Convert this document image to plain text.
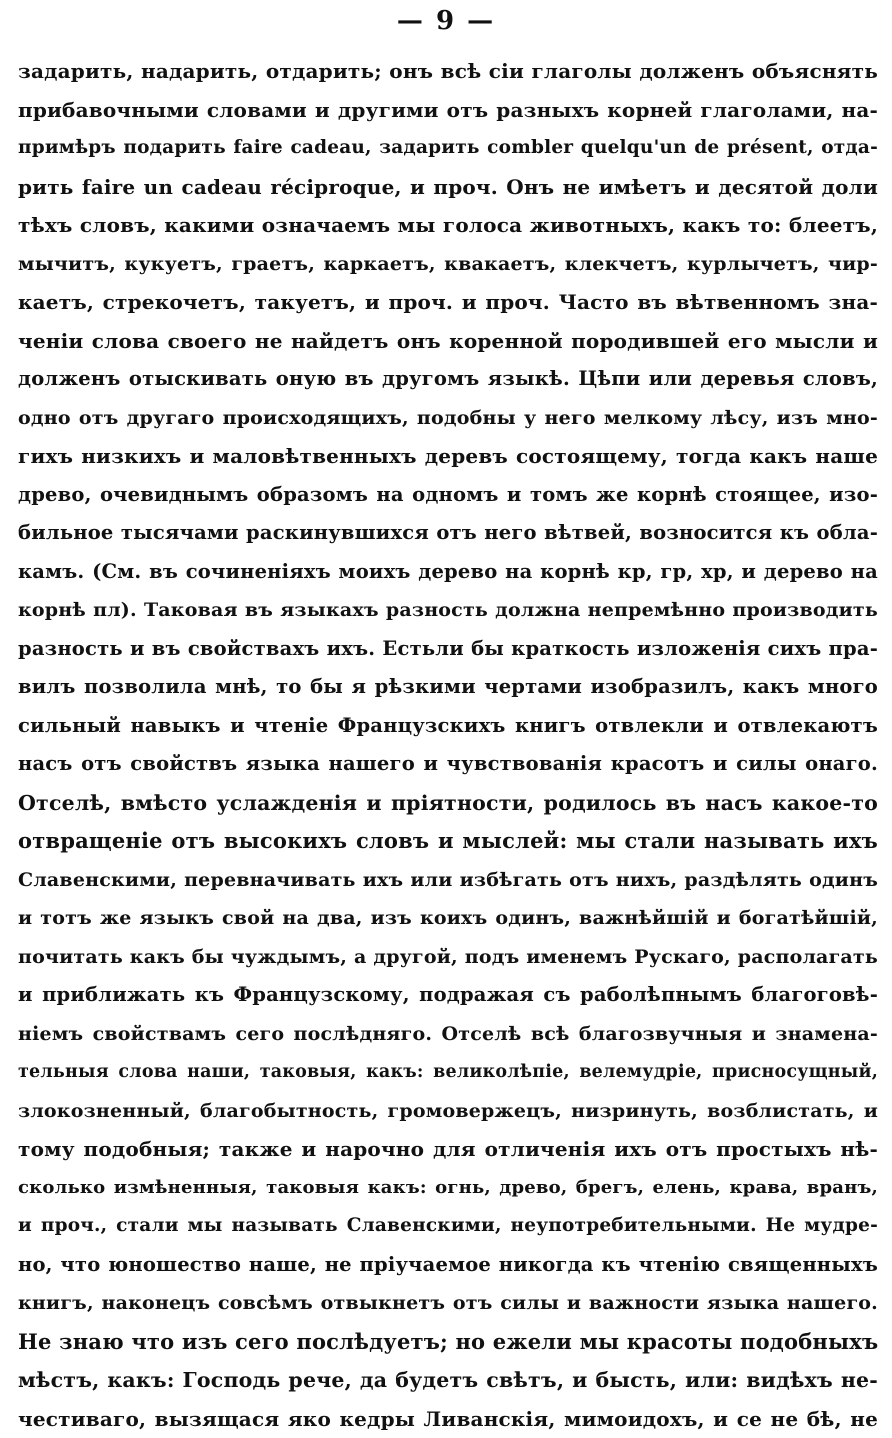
— 9 —
задарить, надарить, отдарить; онъ всѣ сіи глаголы долженъ объяснять
прибавочными словами и другими отъ разныхъ корней глаголами, на-
примѣръ подарить faire cadeau, задарить combler quelqu'un de présent, отда-
рить faire un cadeau réciproque, и проч. Онъ не имѣетъ и десятой доли
тѣхъ словъ, какими означаемъ мы голоса животныхъ, какъ то: блеетъ,
мычитъ, кукуетъ, граетъ, каркаетъ, квакаетъ, клекчетъ, курлычетъ, чир-
каетъ, стрекочетъ, такуетъ, и проч. и проч. Часто въ вѣтвенномъ зна-
ченіи слова своего не найдетъ онъ коренной породившей его мысли и
долженъ отыскивать оную въ другомъ языкѣ. Цѣпи или деревья словъ,
одно отъ другаго происходящихъ, подобны у него мелкому лѣсу, изъ мно-
гихъ низкихъ и маловѣтвенныхъ деревъ состоящему, тогда какъ наше
древо, очевиднымъ образомъ на одномъ и томъ же корнѣ стоящее, изо-
бильное тысячами раскинувшихся отъ него вѣтвей, возносится къ обла-
камъ. (См. въ сочиненіяхъ моихъ дерево на корнѣ кр, гр, хр, и дерево на
корнѣ пл). Таковая въ языкахъ разность должна непремѣнно производить
разность и въ свойствахъ ихъ. Естьли бы краткость изложенія сихъ пра-
вилъ позволила мнѣ, то бы я рѣзкими чертами изобразилъ, какъ много
сильный навыкъ и чтеніе Французскихъ книгъ отвлекли и отвлекаютъ
насъ отъ свойствъ языка нашего и чувствованія красотъ и силы онаго.
Отселѣ, вмѣсто услажденія и пріятности, родилось въ насъ какое-то
отвращеніе отъ высокихъ словъ и мыслей: мы стали называть ихъ
Славенскими, перевначивать ихъ или избѣгать отъ нихъ, раздѣлять одинъ
и тотъ же языкъ свой на два, изъ коихъ одинъ, важнѣйшій и богатѣйшій,
почитать какъ бы чуждымъ, а другой, подъ именемъ Рускаго, располагать
и приближать къ Французскому, подражая съ раболѣпнымъ благоговѣ-
ніемъ свойствамъ сего послѣдняго. Отселѣ всѣ благозвучныя и знамена-
тельныя слова наши, таковыя, какъ: великолѣпіе, велемудріе, присносущный,
злокозненный, благобытность, громовержецъ, низринуть, возблистать, и
тому подобныя; также и нарочно для отличенія ихъ отъ простыхъ нѣ-
сколько измѣненныя, таковыя какъ: огнь, древо, брегъ, елень, крава, вранъ,
и проч., стали мы называть Славенскими, неупотребительными. Не мудре-
но, что юношество наше, не пріучаемое никогда къ чтенію священныхъ
книгъ, наконецъ совсѣмъ отвыкнетъ отъ силы и важности языка нашего.
Не знаю что изъ сего послѣдуетъ; но ежели мы красоты подобныхъ
мѣстъ, какъ: Господь рече, да будетъ свѣтъ, и бысть, или: видѣхъ не-
честиваго, вызящася яко кедры Ливанскія, мимоидохъ, и се не бѣ, не
